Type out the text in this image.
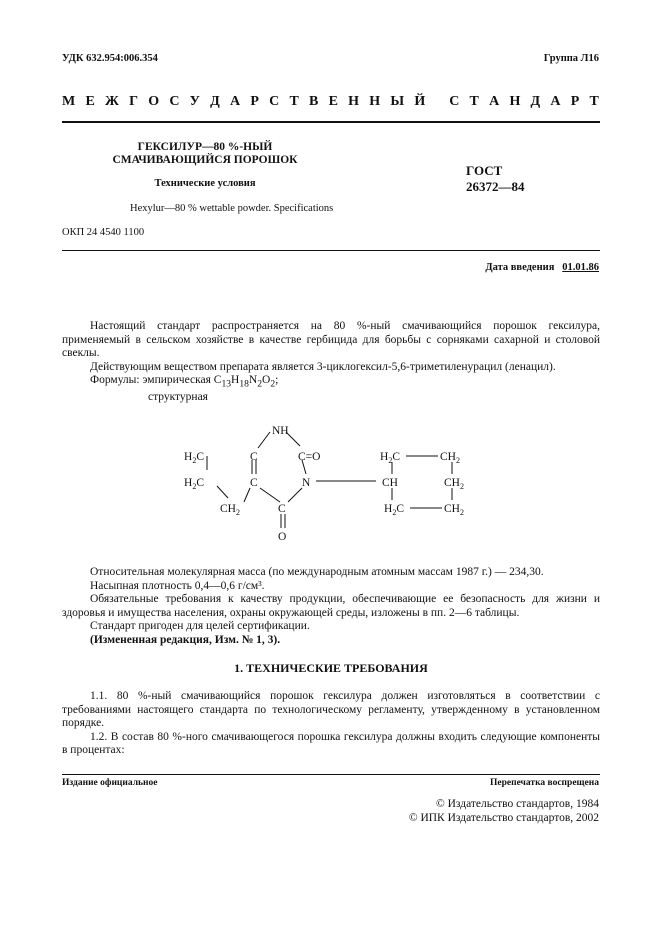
УДК 632.954:006.354	Группа Л16
М Е Ж Г О С У Д А Р С Т В Е Н Н Ы Й
С Т А Н Д А Р Т
ГЕКСИЛУР—80 %-НЫЙ
СМАЧИВАЮЩИЙСЯ ПОРОШОК
Технические условия
Hexylur—80 % wettable powder. Specifications
ГОСТ
26372—84
ОКП 24 4540 1100
Дата введения 01.01.86

Настоящий стандарт распространяется на 80 %-ный смачивающийся порошок гексилура, применяемый в сельском хозяйстве в качестве гербицида для борьбы с сорняками сахарной и столовой свеклы.

Действующим веществом препарата является 3-циклогексил-5,6-триметиленурацил (ленацил).

Формулы: эмпирическая $C_{13}H_{18}N_2O_2$;

структурная

NH
$H_2C$	C	C=O
$H_2C$	C	N
$CH_2$	C
O
$H_2C$	$CH_2$
CH	$CH_2$
$H_2C$	$CH_2$

Относительная молекулярная масса (по международным атомным массам 1987 г.) — 234,30.

Насыпная плотность 0,4—0,6 г/см³.

Обязательные требования к качеству продукции, обеспечивающие ее безопасность для жизни и здоровья и имущества населения, охраны окружающей среды, изложены в пп. 2—6 таблицы.

Стандарт пригоден для целей сертификации.

(Измененная редакция, Изм. № 1, 3).

1. ТЕХНИЧЕСКИЕ ТРЕБОВАНИЯ

1.1. 80 %-ный смачивающийся порошок гексилура должен изготовляться в соответствии с требованиями настоящего стандарта по технологическому регламенту, утвержденному в установленном порядке.

1.2. В состав 80 %-ного смачивающегося порошка гексилура должны входить следующие компоненты в процентах:

Издание официальное	Перепечатка воспрещена
© Издательство стандартов, 1984
© ИПК Издательство стандартов, 2002
